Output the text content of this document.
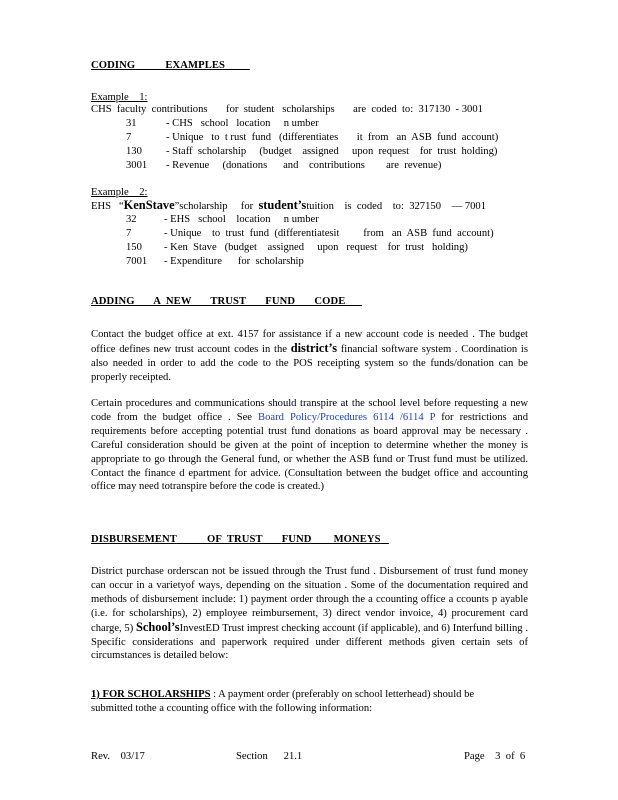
CODING	EXAMPLES
Example    1:
CHS  faculty  contributions       for  student   scholarships       are  coded  to:  317130  - 3001
31	- CHS   school   location     n umber
7	- Unique   to  t rust  fund   (differentiates       it  from   an  ASB  fund  account)
130 - Staff  scholarship     (budget    assigned     upon  request    for  trust  holding)
3001 - Revenue     (donations      and    contributions        are  revenue)
Example    2:
EHS   “KenStave”scholarship     for  student’stuition    is  coded    to:  327150    — 7001
32	- EHS   school    location     n umber
7	- Unique    to  trust  fund  (differentiatesit         from   an  ASB  fund  account)
150 - Ken  Stave   (budget    assigned     upon   request    for  trust   holding)
7001 - Expenditure      for  scholarship
ADDING A  NEW TRUST FUND CODE
Contact the budget office at ext. 4157 for assistance if a new account code is needed . The budget office defines new trust account codes in the district’s financial software system . Coordination is also needed in order to add the code to the POS receipting system so the funds/donation can be properly receipted.
Certain procedures and communications should transpire at the school level before requesting a new code from the budget office . See Board Policy/Procedures 6114 /6114 P for restrictions and requirements before accepting potential trust fund donations as board approval may be necessary . Careful consideration should be given at the point of inception to determine whether the money is appropriate to go through the General fund, or whether the ASB fund or Trust fund must be utilized. Contact the finance d epartment for advice. (Consultation between the budget office and accounting office may need totranspire before the code is created.)
DISBURSEMENT	OF  TRUST FUND MONEYS
District purchase orderscan not be issued through the Trust fund . Disbursement of trust fund money can occur in a varietyof ways, depending on the situation . Some of the documentation required and methods of disbursement include: 1) payment order through the a ccounting office a ccounts p ayable (i.e. for scholarships), 2) employee reimbursement, 3) direct vendor invoice, 4) procurement card charge, 5) School’sInvestED Trust imprest checking account (if applicable), and 6) Interfund billing . Specific considerations and paperwork required under different methods given certain sets of circumstances is detailed below:
1) FOR SCHOLARSHIPS : A payment order (preferably on school letterhead) should be submitted tothe a ccounting office with the following information:
Rev.    03/17	Section      21.1	Page    3  of  6
